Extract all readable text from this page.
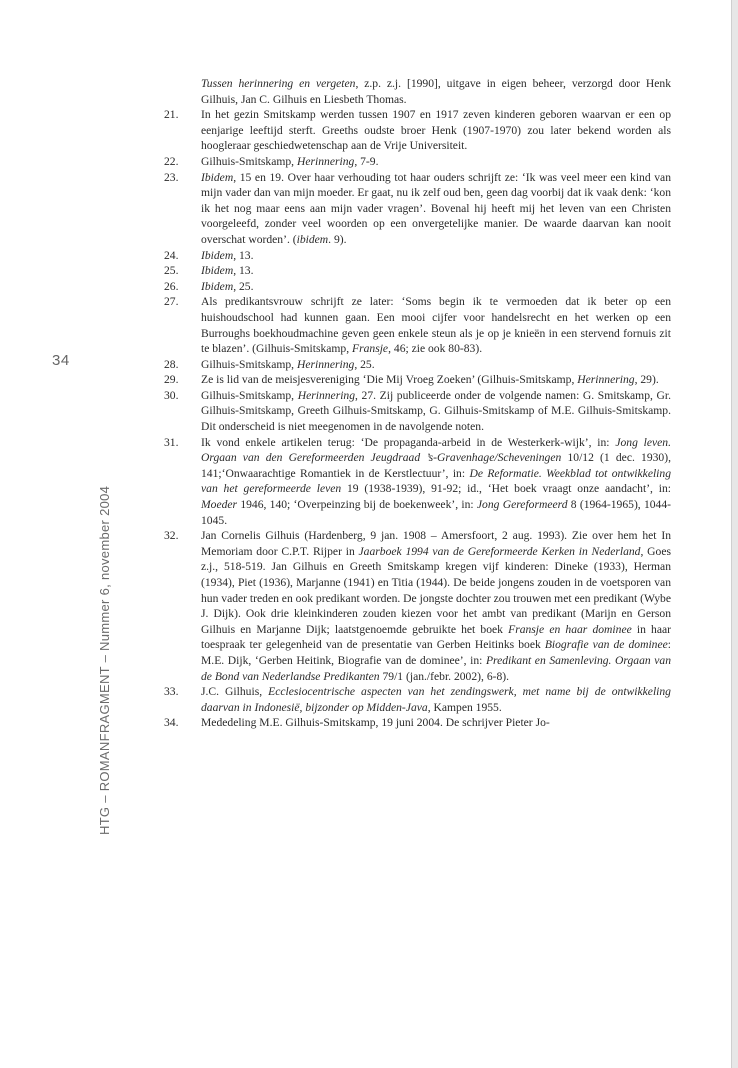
34
HTG – ROMANFRAGMENT – Nummer 6, november 2004
Tussen herinnering en vergeten, z.p. z.j. [1990], uitgave in eigen beheer, verzorgd door Henk Gilhuis, Jan C. Gilhuis en Liesbeth Thomas.
21. In het gezin Smitskamp werden tussen 1907 en 1917 zeven kinderen geboren waarvan er een op eenjarige leeftijd sterft. Greeths oudste broer Henk (1907-1970) zou later bekend worden als hoogleraar geschiedwetenschap aan de Vrije Universiteit.
22. Gilhuis-Smitskamp, Herinnering, 7-9.
23. Ibidem, 15 en 19. Over haar verhouding tot haar ouders schrijft ze: ‘Ik was veel meer een kind van mijn vader dan van mijn moeder. Er gaat, nu ik zelf oud ben, geen dag voorbij dat ik vaak denk: ‘kon ik het nog maar eens aan mijn vader vragen’. Bovenal hij heeft mij het leven van een Christen voorgeleefd, zonder veel woorden op een onvergetelijke manier. De waarde daarvan kan nooit overschat worden’. (ibidem. 9).
24. Ibidem, 13.
25. Ibidem, 13.
26. Ibidem, 25.
27. Als predikantsvrouw schrijft ze later: ‘Soms begin ik te vermoeden dat ik beter op een huishoudschool had kunnen gaan. Een mooi cijfer voor handelsrecht en het werken op een Burroughs boekhoudmachine geven geen enkele steun als je op je knieën in een stervend fornuis zit te blazen’. (Gilhuis-Smitskamp, Fransje, 46; zie ook 80-83).
28. Gilhuis-Smitskamp, Herinnering, 25.
29. Ze is lid van de meisjesvereniging ‘Die Mij Vroeg Zoeken’ (Gilhuis-Smitskamp, Herinnering, 29).
30. Gilhuis-Smitskamp, Herinnering, 27. Zij publiceerde onder de volgende namen: G. Smitskamp, Gr. Gilhuis-Smitskamp, Greeth Gilhuis-Smitskamp, G. Gilhuis-Smitskamp of M.E. Gilhuis-Smitskamp. Dit onderscheid is niet meegenomen in de navolgende noten.
31. Ik vond enkele artikelen terug: ‘De propaganda-arbeid in de Westerkerk-wijk’, in: Jong leven. Orgaan van den Gereformeerden Jeugdraad ’s-Gravenhage/Scheveningen 10/12 (1 dec. 1930), 141;‘Onwaarachtige Romantiek in de Kerstlectuur’, in: De Reformatie. Weekblad tot ontwikkeling van het gereformeerde leven 19 (1938-1939), 91-92; id., ‘Het boek vraagt onze aandacht’, in: Moeder 1946, 140; ‘Overpeinzing bij de boekenweek’, in: Jong Gereformeerd 8 (1964-1965), 1044-1045.
32. Jan Cornelis Gilhuis (Hardenberg, 9 jan. 1908 – Amersfoort, 2 aug. 1993). Zie over hem het In Memoriam door C.P.T. Rijper in Jaarboek 1994 van de Gereformeerde Kerken in Nederland, Goes z.j., 518-519. Jan Gilhuis en Greeth Smitskamp kregen vijf kinderen: Dineke (1933), Herman (1934), Piet (1936), Marjanne (1941) en Titia (1944). De beide jongens zouden in de voetsporen van hun vader treden en ook predikant worden. De jongste dochter zou trouwen met een predikant (Wybe J. Dijk). Ook drie kleinkinderen zouden kiezen voor het ambt van predikant (Marijn en Gerson Gilhuis en Marjanne Dijk; laatstgenoemde gebruikte het boek Fransje en haar dominee in haar toespraak ter gelegenheid van de presentatie van Gerben Heitinks boek Biografie van de dominee: M.E. Dijk, ‘Gerben Heitink, Biografie van de dominee’, in: Predikant en Samenleving. Orgaan van de Bond van Nederlandse Predikanten 79/1 (jan./febr. 2002), 6-8).
33. J.C. Gilhuis, Ecclesiocentrische aspecten van het zendingswerk, met name bij de ontwikkeling daarvan in Indonesië, bijzonder op Midden-Java, Kampen 1955.
34. Mededeling M.E. Gilhuis-Smitskamp, 19 juni 2004. De schrijver Pieter Jo-
